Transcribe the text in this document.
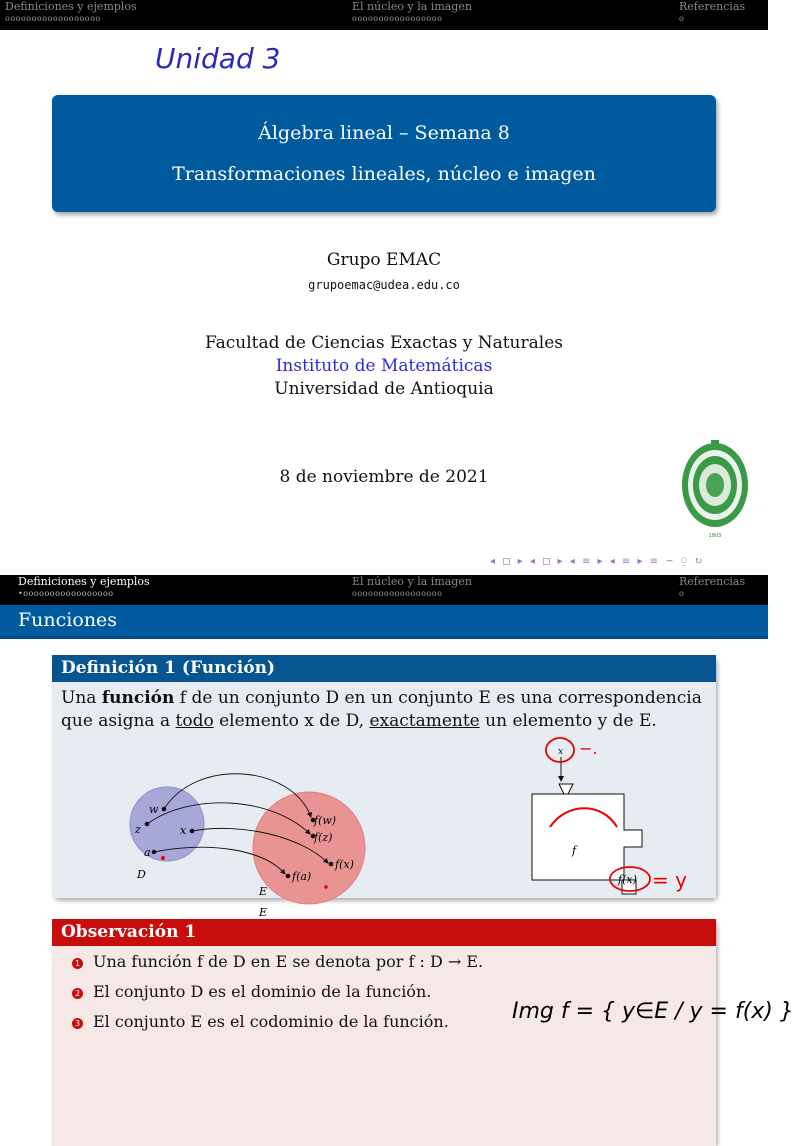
Definiciones y ejemplos
oooooooooooooooooo
El núcleo y la imagen
ooooooooooooooooo
Referencias
o
Unidad 3
Álgebra lineal – Semana 8
Transformaciones lineales, núcleo e imagen
Grupo EMAC
grupoemac@udea.edu.co
Facultad de Ciencias Exactas y Naturales
Instituto de Matemáticas
Universidad de Antioquia
8 de noviembre de 2021
1803
◂ ◻ ▸ ◂ ◻ ▸ ◂ ≡ ▸ ◂ ≡ ▸ ≡ ∽ ⍜ ↻
Definiciones y ejemplos
•ooooooooooooooooo
El núcleo y la imagen
ooooooooooooooooo
Referencias
o
Funciones
Definición 1 (Función)
Una función f de un conjunto D en un conjunto E es una correspondencia que asigna a todo elemento x de D, exactamente un elemento y de E.
w
z	x
a
f(w)
f(z)
f(x)
f(a)
D
E
E
f
x −.
f(x) = y
Observación 1
1 Una función f de D en E se denota por f : D → E.
2 El conjunto D es el dominio de la función.
3 El conjunto E es el codominio de la función.	Img f = { y∈E / y = f(x) }
